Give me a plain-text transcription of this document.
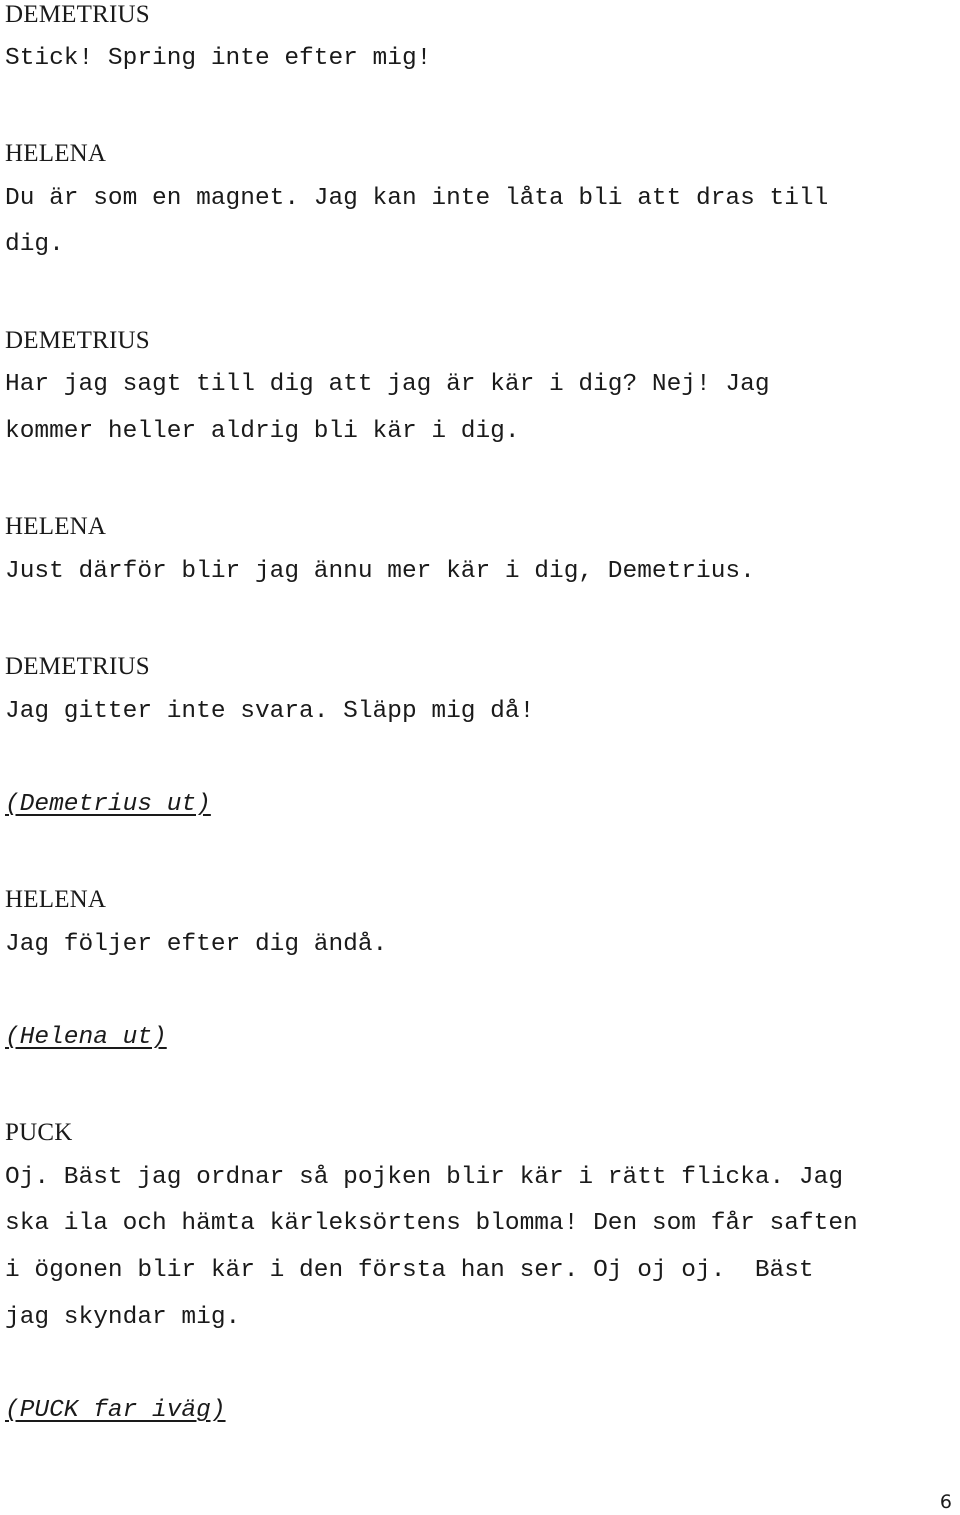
DEMETRIUS
Stick! Spring inte efter mig!
HELENA
Du är som en magnet. Jag kan inte låta bli att dras till
dig.
DEMETRIUS
Har jag sagt till dig att jag är kär i dig? Nej! Jag
kommer heller aldrig bli kär i dig.
HELENA
Just därför blir jag ännu mer kär i dig, Demetrius.
DEMETRIUS
Jag gitter inte svara. Släpp mig då!
(Demetrius ut)
HELENA
Jag följer efter dig ändå.
(Helena ut)
PUCK
Oj. Bäst jag ordnar så pojken blir kär i rätt flicka. Jag
ska ila och hämta kärleksörtens blomma! Den som får saften
i ögonen blir kär i den första han ser. Oj oj oj.  Bäst
jag skyndar mig.
(PUCK far iväg)
6
